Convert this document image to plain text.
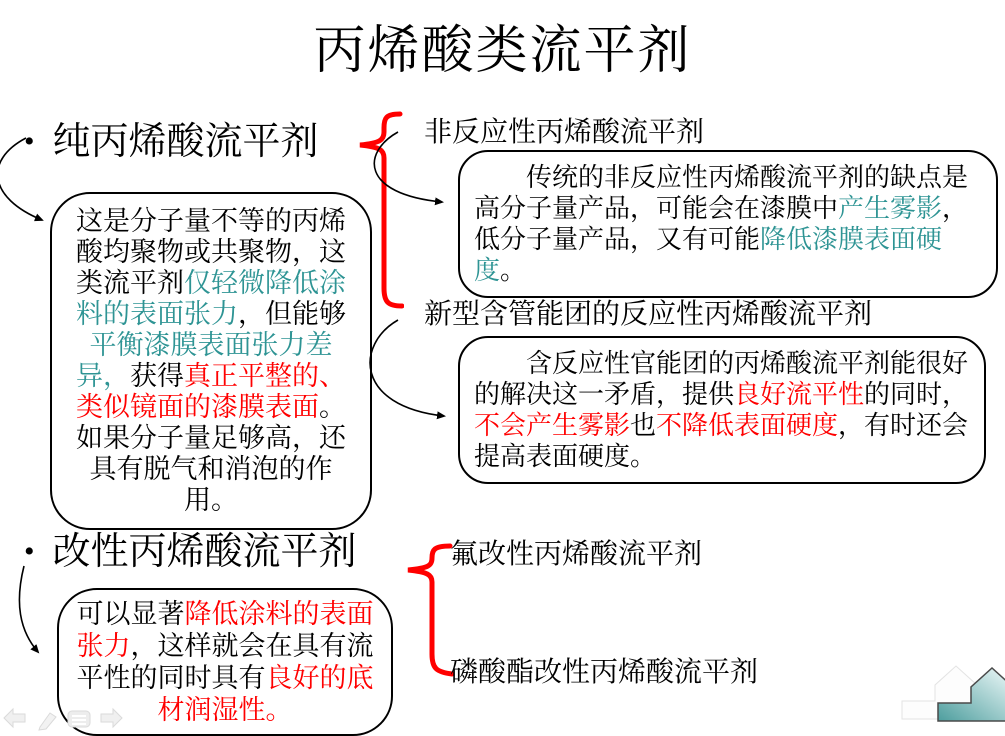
丙烯酸类流平剂
• 纯丙烯酸流平剂
这是分子量不等的丙烯酸均聚物或共聚物，这类流平剂仅轻微降低涂料的表面张力，但能够平衡漆膜表面张力差异，获得真正平整的、类似镜面的漆膜表面。如果分子量足够高，还具有脱气和消泡的作用。
非反应性丙烯酸流平剂
新型含管能团的反应性丙烯酸流平剂
传统的非反应性丙烯酸流平剂的缺点是高分子量产品，可能会在漆膜中产生雾影，低分子量产品，又有可能降低漆膜表面硬度。
含反应性官能团的丙烯酸流平剂能很好的解决这一矛盾，提供良好流平性的同时，不会产生雾影也不降低表面硬度，有时还会提高表面硬度。
• 改性丙烯酸流平剂
可以显著降低涂料的表面张力，这样就会在具有流平性的同时具有良好的底材润湿性。
氟改性丙烯酸流平剂
磷酸酯改性丙烯酸流平剂
